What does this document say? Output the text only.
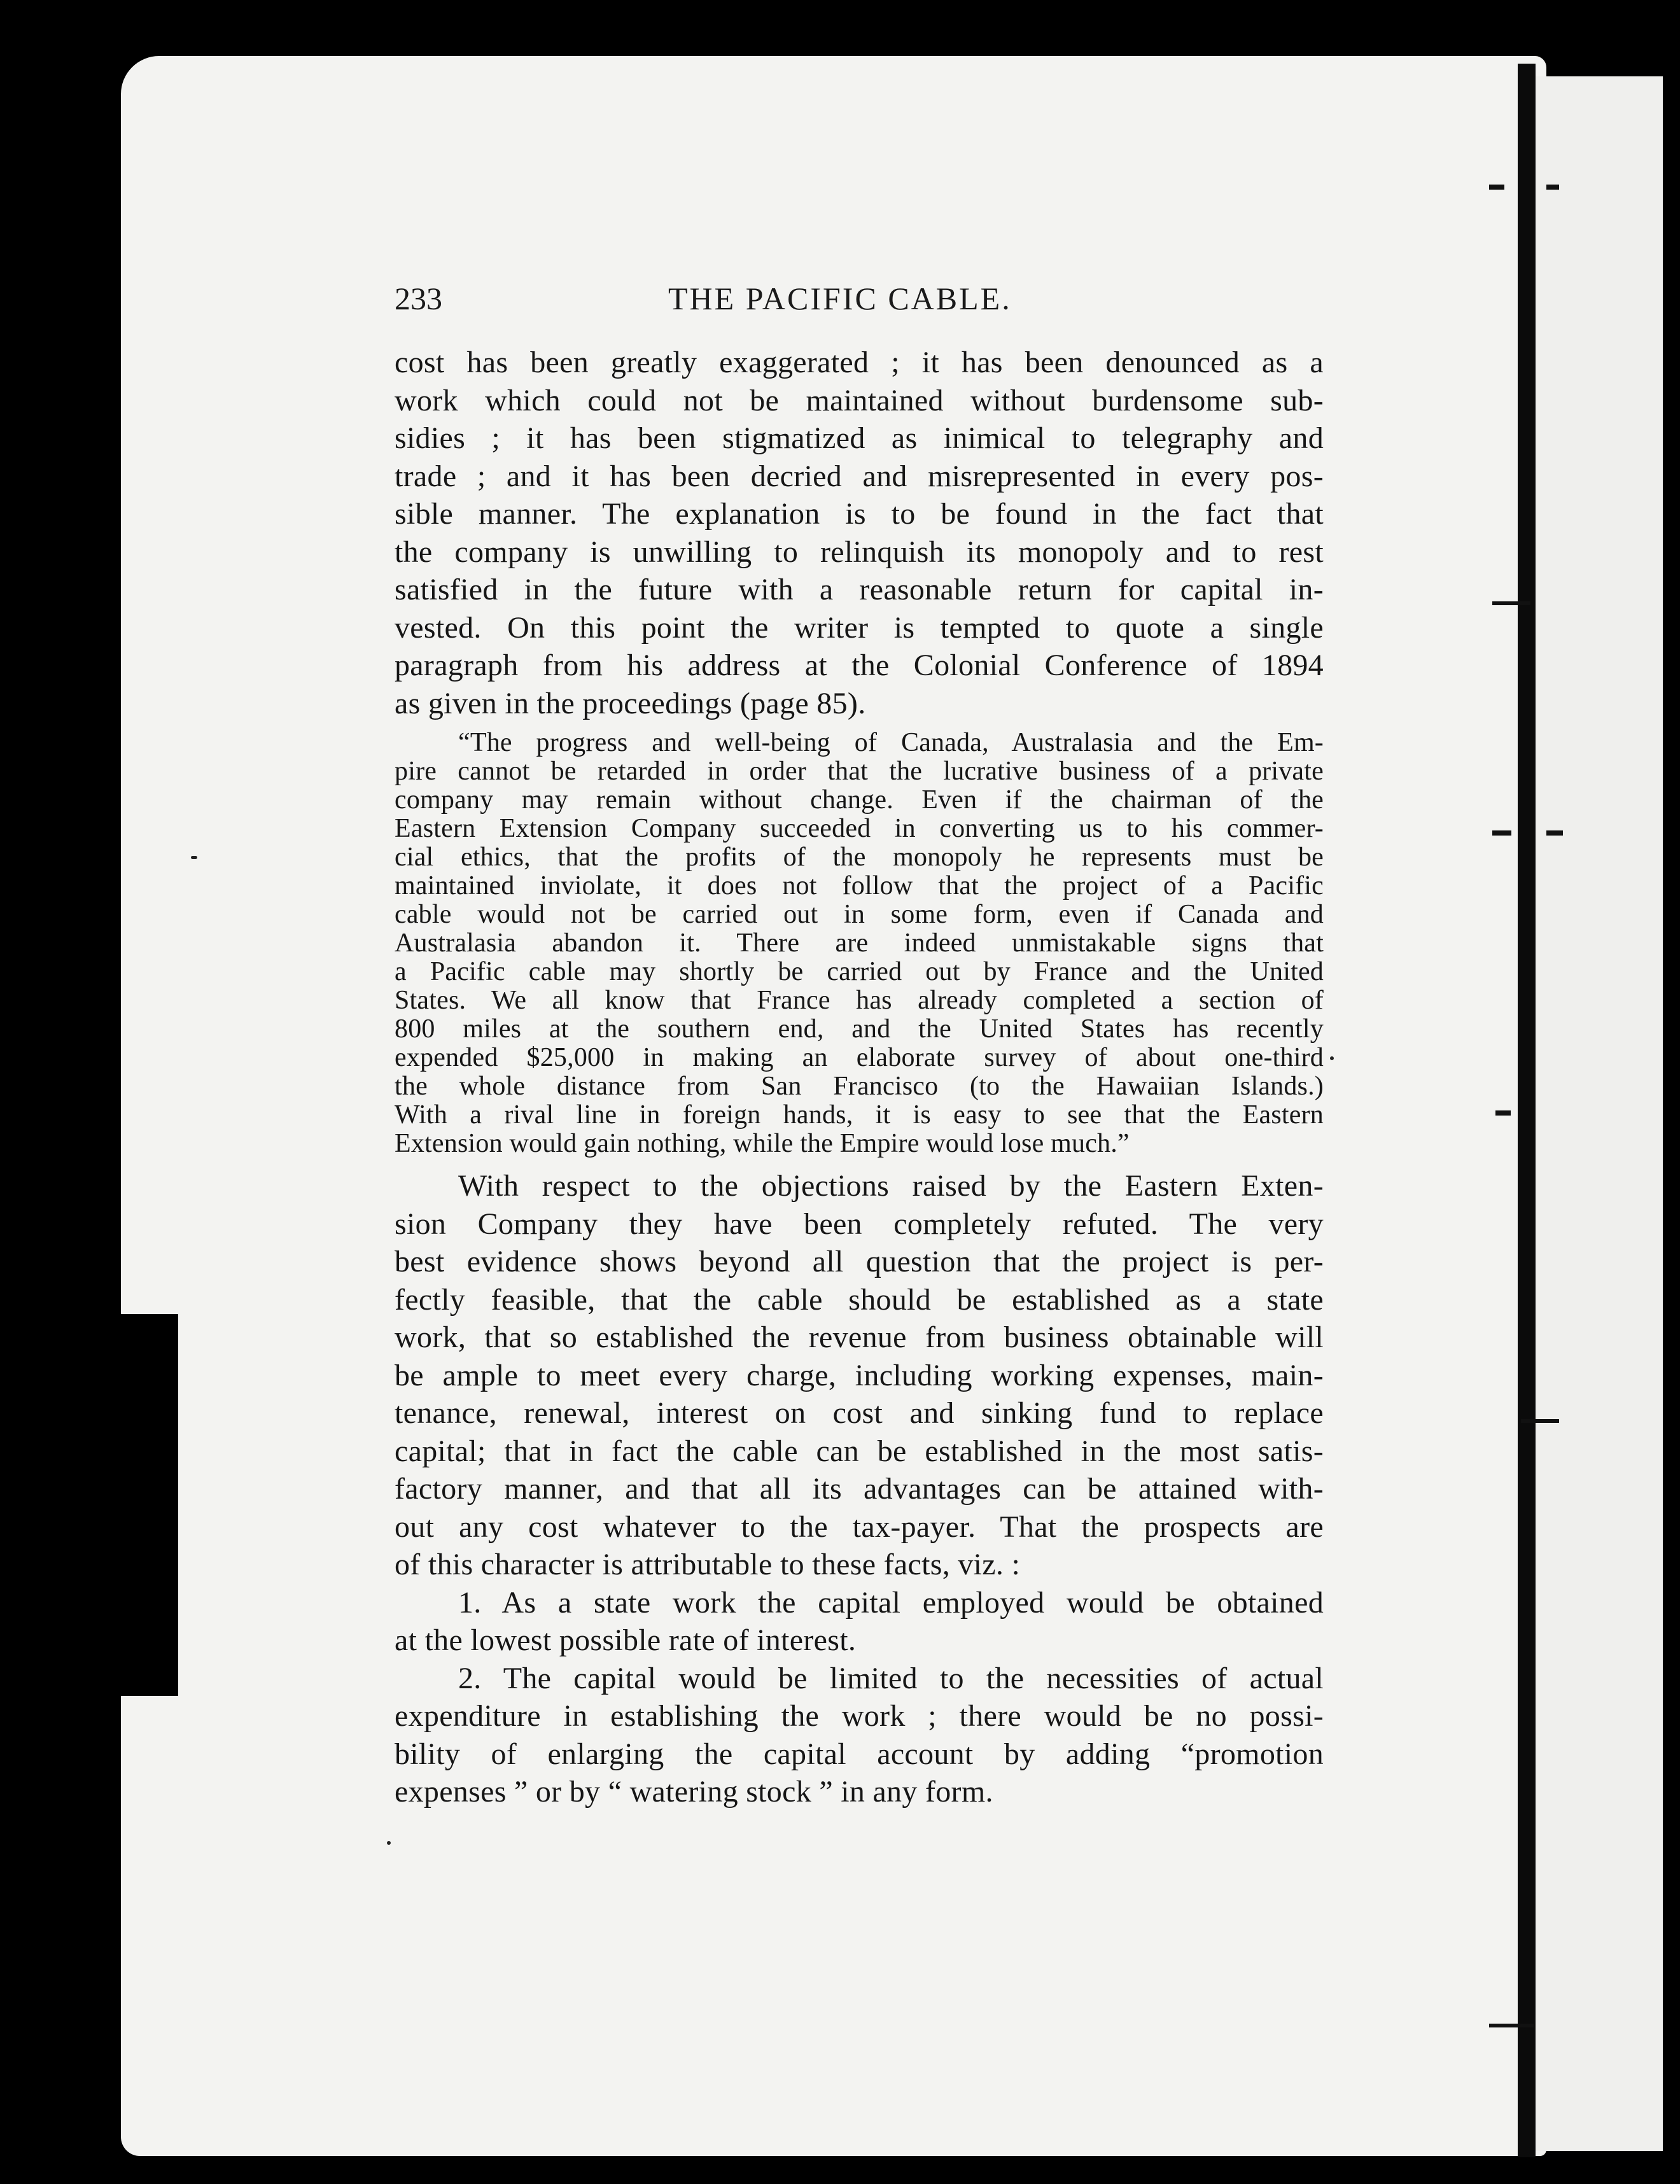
233	THE PACIFIC CABLE.

cost has been greatly exaggerated ; it has been denounced as a
work which could not be maintained without burdensome sub-
sidies ; it has been stigmatized as inimical to telegraphy and
trade ; and it has been decried and misrepresented in every pos-
sible manner. The explanation is to be found in the fact that
the company is unwilling to relinquish its monopoly and to rest
satisfied in the future with a reasonable return for capital in-
vested. On this point the writer is tempted to quote a single
paragraph from his address at the Colonial Conference of 1894
as given in the proceedings (page 85).

“The progress and well-being of Canada, Australasia and the Em-
pire cannot be retarded in order that the lucrative business of a private
company may remain without change. Even if the chairman of the
Eastern Extension Company succeeded in converting us to his commer-
cial ethics, that the profits of the monopoly he represents must be
maintained inviolate, it does not follow that the project of a Pacific
cable would not be carried out in some form, even if Canada and
Australasia abandon it. There are indeed unmistakable signs that
a Pacific cable may shortly be carried out by France and the United
States. We all know that France has already completed a section of
800 miles at the southern end, and the United States has recently
expended $25,000 in making an elaborate survey of about one-third
the whole distance from San Francisco (to the Hawaiian Islands.)
With a rival line in foreign hands, it is easy to see that the Eastern
Extension would gain nothing, while the Empire would lose much.”

With respect to the objections raised by the Eastern Exten-
sion Company they have been completely refuted. The very
best evidence shows beyond all question that the project is per-
fectly feasible, that the cable should be established as a state
work, that so established the revenue from business obtainable will
be ample to meet every charge, including working expenses, main-
tenance, renewal, interest on cost and sinking fund to replace
capital; that in fact the cable can be established in the most satis-
factory manner, and that all its advantages can be attained with-
out any cost whatever to the tax-payer. That the prospects are
of this character is attributable to these facts, viz. :

1. As a state work the capital employed would be obtained
at the lowest possible rate of interest.

2. The capital would be limited to the necessities of actual
expenditure in establishing the work ; there would be no possi-
bility of enlarging the capital account by adding “promotion
expenses ” or by “ watering stock ” in any form.
